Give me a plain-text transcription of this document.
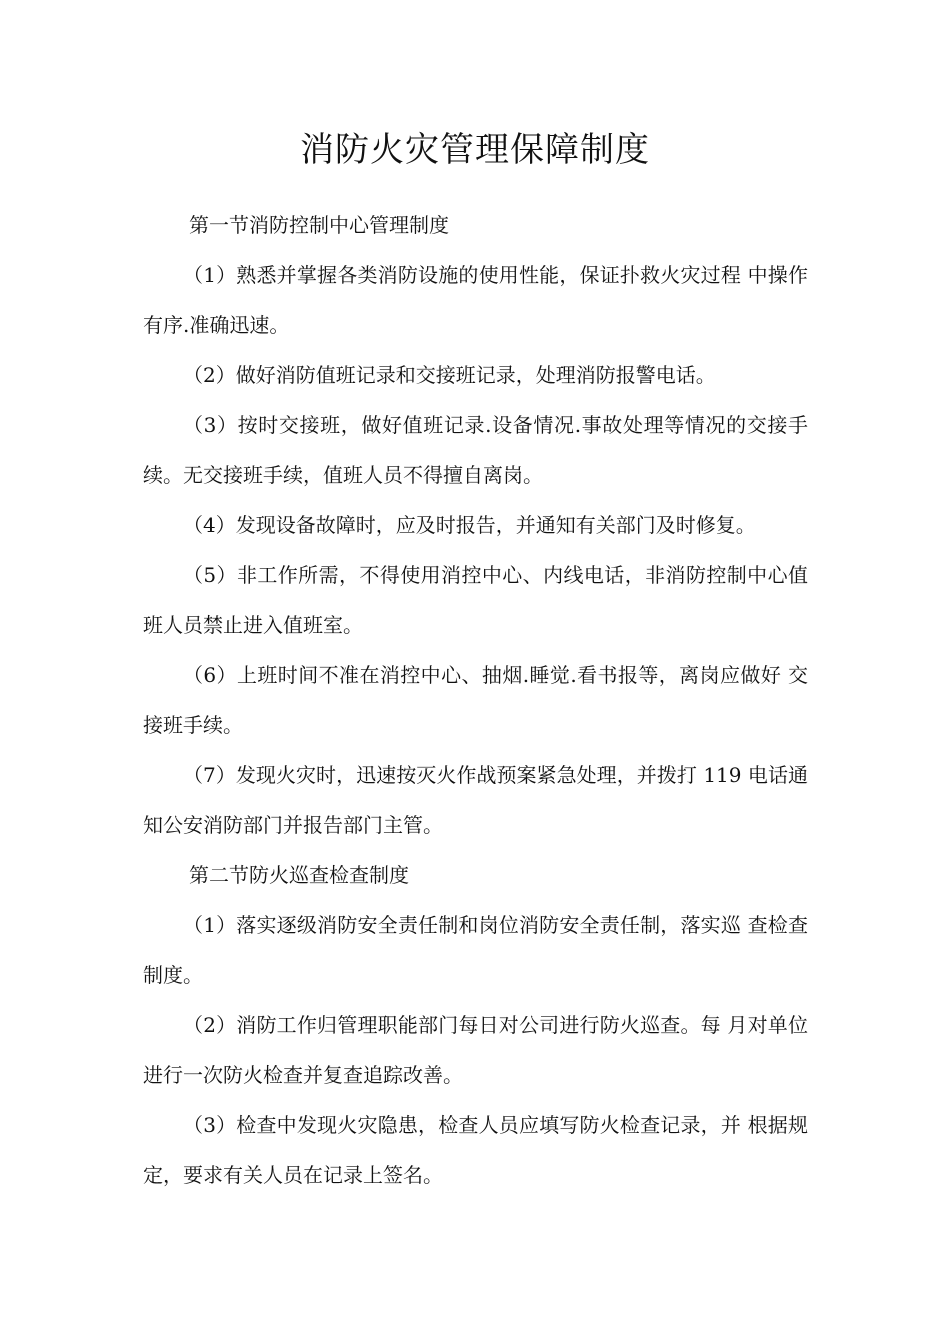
消防火灾管理保障制度

第一节消防控制中心管理制度

（1）熟悉并掌握各类消防设施的使用性能，保证扑救火灾过程 中操作有序.准确迅速。

（2）做好消防值班记录和交接班记录，处理消防报警电话。

（3）按时交接班，做好值班记录.设备情况.事故处理等情况的交接手续。无交接班手续，值班人员不得擅自离岗。

（4）发现设备故障时，应及时报告，并通知有关部门及时修复。

（5）非工作所需，不得使用消控中心、内线电话，非消防控制中心值班人员禁止进入值班室。

（6）上班时间不准在消控中心、抽烟.睡觉.看书报等，离岗应做好 交接班手续。

（7）发现火灾时，迅速按灭火作战预案紧急处理，并拨打 119 电话通知公安消防部门并报告部门主管。

第二节防火巡查检查制度

（1）落实逐级消防安全责任制和岗位消防安全责任制，落实巡 查检查制度。

（2）消防工作归管理职能部门每日对公司进行防火巡查。每 月对单位进行一次防火检查并复查追踪改善。

（3）检查中发现火灾隐患，检查人员应填写防火检查记录，并 根据规定，要求有关人员在记录上签名。
